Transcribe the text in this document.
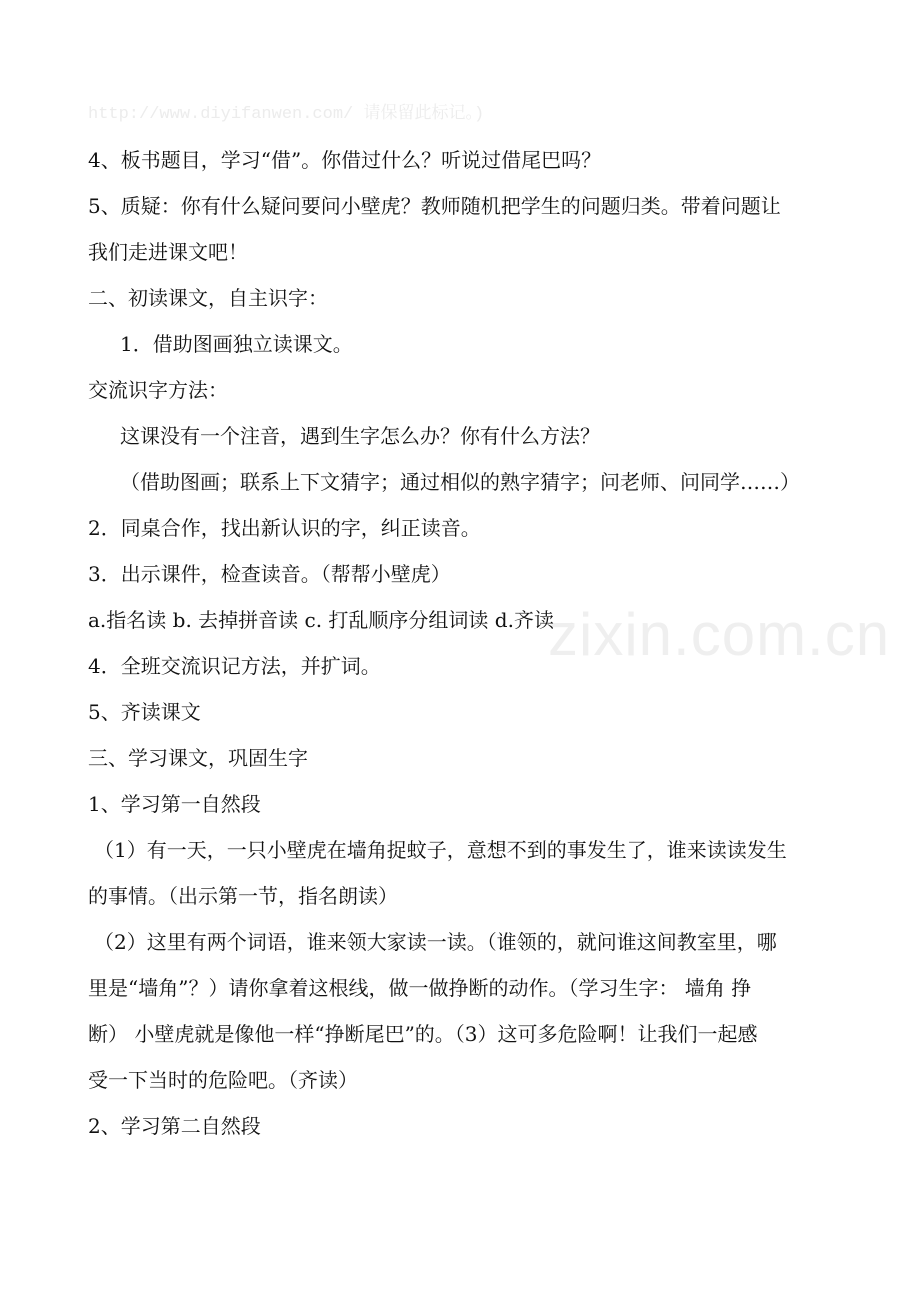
http://www.diyifanwen.com/ 请保留此标记。)
zixin.com.cn
4、板书题目，学习“借”。你借过什么？听说过借尾巴吗？
5、质疑：你有什么疑问要问小壁虎？教师随机把学生的问题归类。带着问题让
我们走进课文吧！
二、初读课文，自主识字：
1．借助图画独立读课文。
交流识字方法：
这课没有一个注音，遇到生字怎么办？你有什么方法？
（借助图画；联系上下文猜字；通过相似的熟字猜字；问老师、问同学……）
2．同桌合作，找出新认识的字，纠正读音。
3．出示课件，检查读音。（帮帮小壁虎）
a.指名读 b. 去掉拼音读 c. 打乱顺序分组词读 d.齐读
4．全班交流识记方法，并扩词。
5、齐读课文
三、学习课文，巩固生字
1、学习第一自然段
（1）有一天，一只小壁虎在墙角捉蚊子，意想不到的事发生了，谁来读读发生
的事情。（出示第一节，指名朗读）
（2）这里有两个词语，谁来领大家读一读。（谁领的，就问谁这间教室里，哪
里是“墙角”？）请你拿着这根线，做一做挣断的动作。（学习生字： 墙角 挣
断） 小壁虎就是像他一样“挣断尾巴”的。（3）这可多危险啊！让我们一起感
受一下当时的危险吧。（齐读）
2、学习第二自然段
